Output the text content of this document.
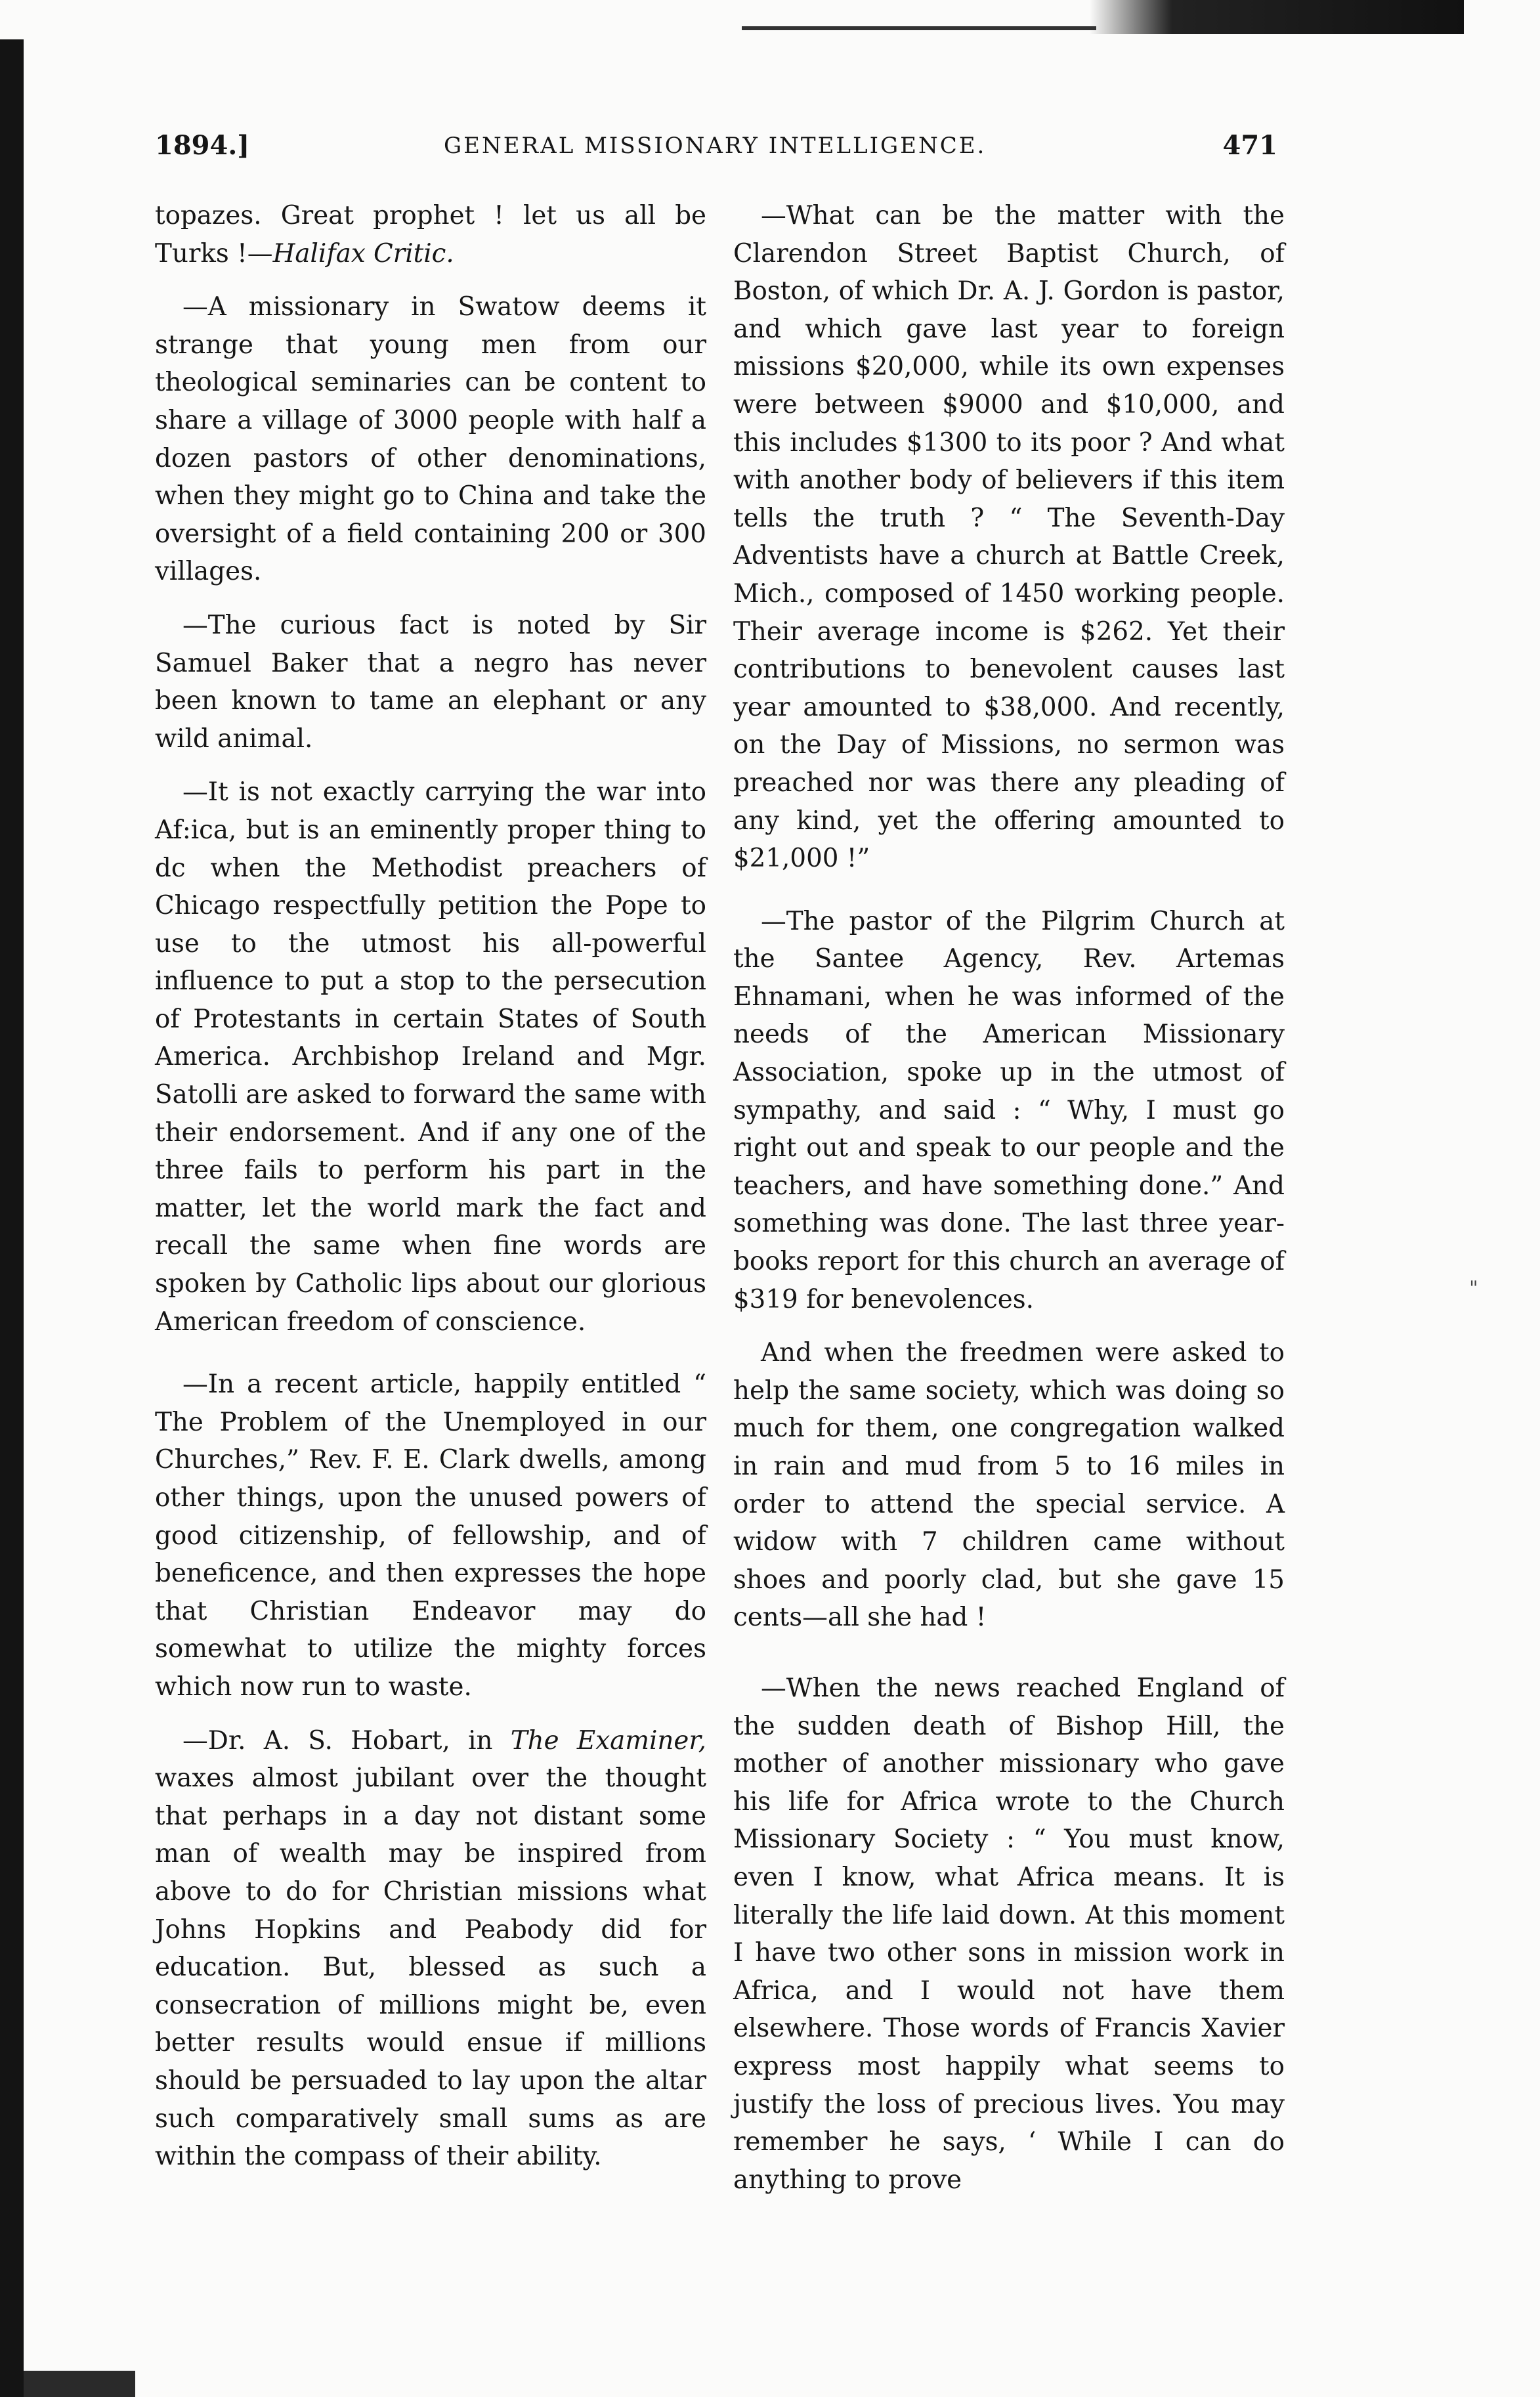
1894.]	GENERAL MISSIONARY INTELLIGENCE.	471

topazes. Great prophet ! let us all be Turks !—Halifax Critic.

—A missionary in Swatow deems it strange that young men from our theological seminaries can be content to share a village of 3000 people with half a dozen pastors of other denominations, when they might go to China and take the oversight of a field containing 200 or 300 villages.

—The curious fact is noted by Sir Samuel Baker that a negro has never been known to tame an elephant or any wild animal.

—It is not exactly carrying the war into Af:ica, but is an eminently proper thing to dc when the Methodist preachers of Chicago respectfully petition the Pope to use to the utmost his all-powerful influence to put a stop to the persecution of Protestants in certain States of South America. Archbishop Ireland and Mgr. Satolli are asked to forward the same with their endorsement. And if any one of the three fails to perform his part in the matter, let the world mark the fact and recall the same when fine words are spoken by Catholic lips about our glorious American freedom of conscience.

—In a recent article, happily entitled “ The Problem of the Unemployed in our Churches,” Rev. F. E. Clark dwells, among other things, upon the unused powers of good citizenship, of fellowship, and of beneficence, and then expresses the hope that Christian Endeavor may do somewhat to utilize the mighty forces which now run to waste.

—Dr. A. S. Hobart, in The Examiner, waxes almost jubilant over the thought that perhaps in a day not distant some man of wealth may be inspired from above to do for Christian missions what Johns Hopkins and Peabody did for education. But, blessed as such a consecration of millions might be, even better results would ensue if millions should be persuaded to lay upon the altar such comparatively small sums as are within the compass of their ability.

—What can be the matter with the Clarendon Street Baptist Church, of Boston, of which Dr. A. J. Gordon is pastor, and which gave last year to foreign missions $20,000, while its own expenses were between $9000 and $10,000, and this includes $1300 to its poor ? And what with another body of believers if this item tells the truth ? “ The Seventh-Day Adventists have a church at Battle Creek, Mich., composed of 1450 working people. Their average income is $262. Yet their contributions to benevolent causes last year amounted to $38,000. And recently, on the Day of Missions, no sermon was preached nor was there any pleading of any kind, yet the offering amounted to $21,000 !”

—The pastor of the Pilgrim Church at the Santee Agency, Rev. Artemas Ehnamani, when he was informed of the needs of the American Missionary Association, spoke up in the utmost of sympathy, and said : “ Why, I must go right out and speak to our people and the teachers, and have something done.” And something was done. The last three year-books report for this church an average of $319 for benevolences.

And when the freedmen were asked to help the same society, which was doing so much for them, one congregation walked in rain and mud from 5 to 16 miles in order to attend the special service. A widow with 7 children came without shoes and poorly clad, but she gave 15 cents—all she had !

—When the news reached England of the sudden death of Bishop Hill, the mother of another missionary who gave his life for Africa wrote to the Church Missionary Society : “ You must know, even I know, what Africa means. It is literally the life laid down. At this moment I have two other sons in mission work in Africa, and I would not have them elsewhere. Those words of Francis Xavier express most happily what seems to justify the loss of precious lives. You may remember he says, ‘ While I can do anything to prove

"
